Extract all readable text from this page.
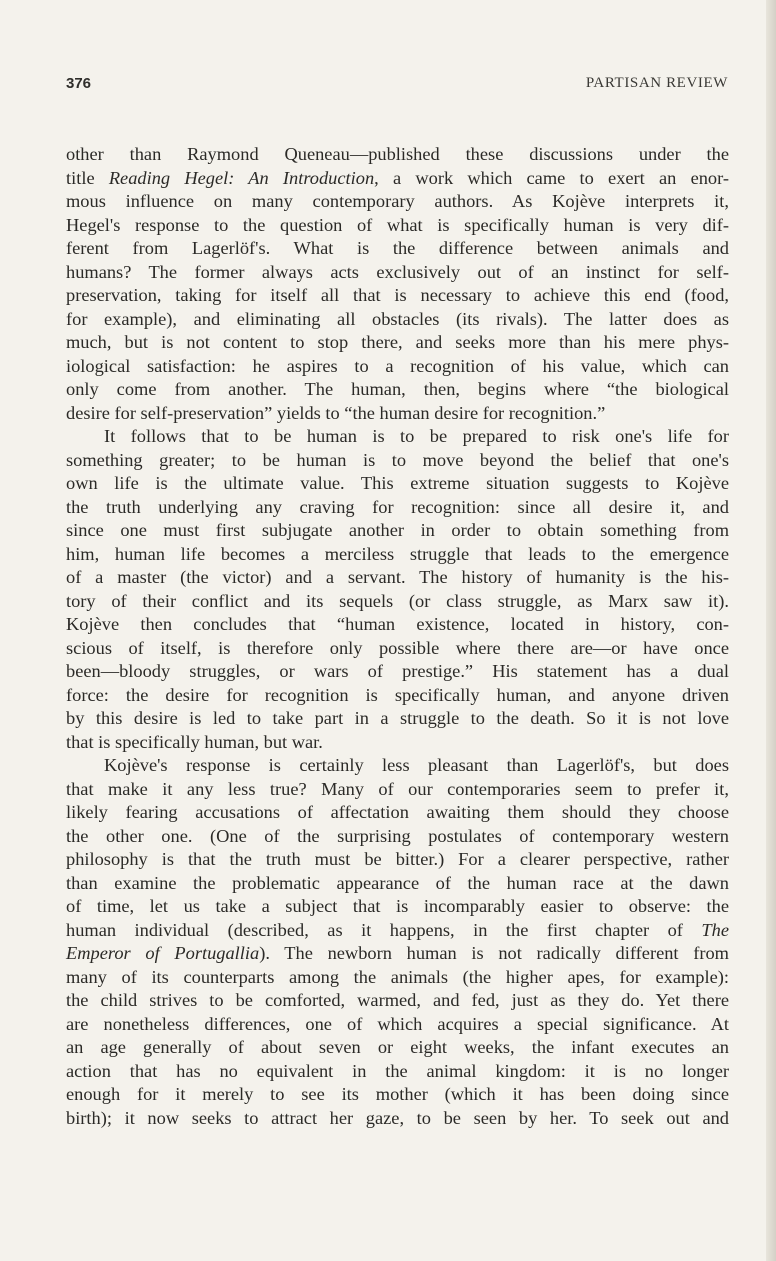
376	PARTISAN REVIEW

other than Raymond Queneau—published these discussions under the
title Reading Hegel: An Introduction, a work which came to exert an enor-
mous influence on many contemporary authors. As Kojève interprets it,
Hegel's response to the question of what is specifically human is very dif-
ferent from Lagerlöf's. What is the difference between animals and
humans? The former always acts exclusively out of an instinct for self-
preservation, taking for itself all that is necessary to achieve this end (food,
for example), and eliminating all obstacles (its rivals). The latter does as
much, but is not content to stop there, and seeks more than his mere phys-
iological satisfaction: he aspires to a recognition of his value, which can
only come from another. The human, then, begins where “the biological
desire for self-preservation” yields to “the human desire for recognition.”

It follows that to be human is to be prepared to risk one's life for
something greater; to be human is to move beyond the belief that one's
own life is the ultimate value. This extreme situation suggests to Kojève
the truth underlying any craving for recognition: since all desire it, and
since one must first subjugate another in order to obtain something from
him, human life becomes a merciless struggle that leads to the emergence
of a master (the victor) and a servant. The history of humanity is the his-
tory of their conflict and its sequels (or class struggle, as Marx saw it).
Kojève then concludes that “human existence, located in history, con-
scious of itself, is therefore only possible where there are—or have once
been—bloody struggles, or wars of prestige.” His statement has a dual
force: the desire for recognition is specifically human, and anyone driven
by this desire is led to take part in a struggle to the death. So it is not love
that is specifically human, but war.

Kojève's response is certainly less pleasant than Lagerlöf's, but does
that make it any less true? Many of our contemporaries seem to prefer it,
likely fearing accusations of affectation awaiting them should they choose
the other one. (One of the surprising postulates of contemporary western
philosophy is that the truth must be bitter.) For a clearer perspective, rather
than examine the problematic appearance of the human race at the dawn
of time, let us take a subject that is incomparably easier to observe: the
human individual (described, as it happens, in the first chapter of The
Emperor of Portugallia). The newborn human is not radically different from
many of its counterparts among the animals (the higher apes, for example):
the child strives to be comforted, warmed, and fed, just as they do. Yet there
are nonetheless differences, one of which acquires a special significance. At
an age generally of about seven or eight weeks, the infant executes an
action that has no equivalent in the animal kingdom: it is no longer
enough for it merely to see its mother (which it has been doing since
birth); it now seeks to attract her gaze, to be seen by her. To seek out and
